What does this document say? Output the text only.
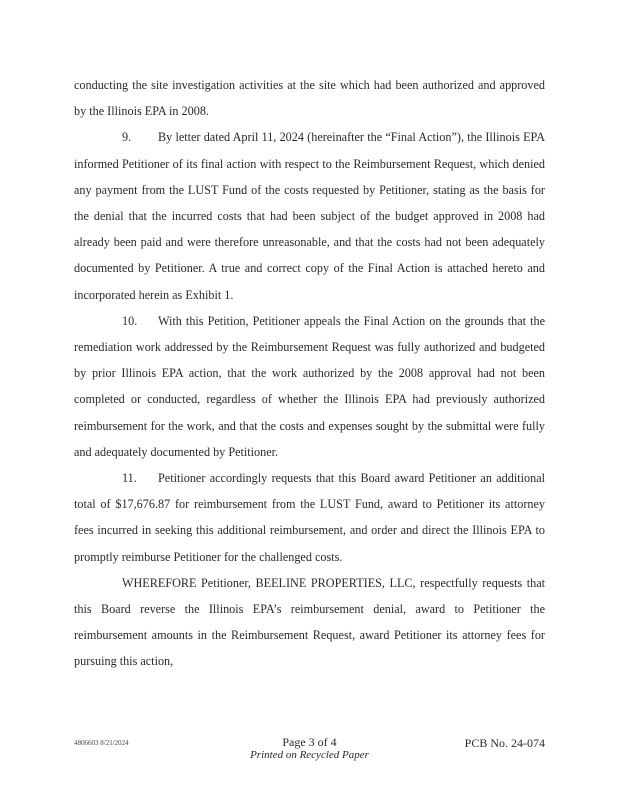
conducting the site investigation activities at the site which had been authorized and approved by the Illinois EPA in 2008.

9. By letter dated April 11, 2024 (hereinafter the “Final Action”), the Illinois EPA informed Petitioner of its final action with respect to the Reimbursement Request, which denied any payment from the LUST Fund of the costs requested by Petitioner, stating as the basis for the denial that the incurred costs that had been subject of the budget approved in 2008 had already been paid and were therefore unreasonable, and that the costs had not been adequately documented by Petitioner. A true and correct copy of the Final Action is attached hereto and incorporated herein as Exhibit 1.

10. With this Petition, Petitioner appeals the Final Action on the grounds that the remediation work addressed by the Reimbursement Request was fully authorized and budgeted by prior Illinois EPA action, that the work authorized by the 2008 approval had not been completed or conducted, regardless of whether the Illinois EPA had previously authorized reimbursement for the work, and that the costs and expenses sought by the submittal were fully and adequately documented by Petitioner.

11. Petitioner accordingly requests that this Board award Petitioner an additional total of $17,676.87 for reimbursement from the LUST Fund, award to Petitioner its attorney fees incurred in seeking this additional reimbursement, and order and direct the Illinois EPA to promptly reimburse Petitioner for the challenged costs.

WHEREFORE Petitioner, BEELINE PROPERTIES, LLC, respectfully requests that this Board reverse the Illinois EPA’s reimbursement denial, award to Petitioner the reimbursement amounts in the Reimbursement Request, award Petitioner its attorney fees for pursuing this action,

4806603 8/21/2024	Page 3 of 4
Printed on Recycled Paper
PCB No. 24-074
